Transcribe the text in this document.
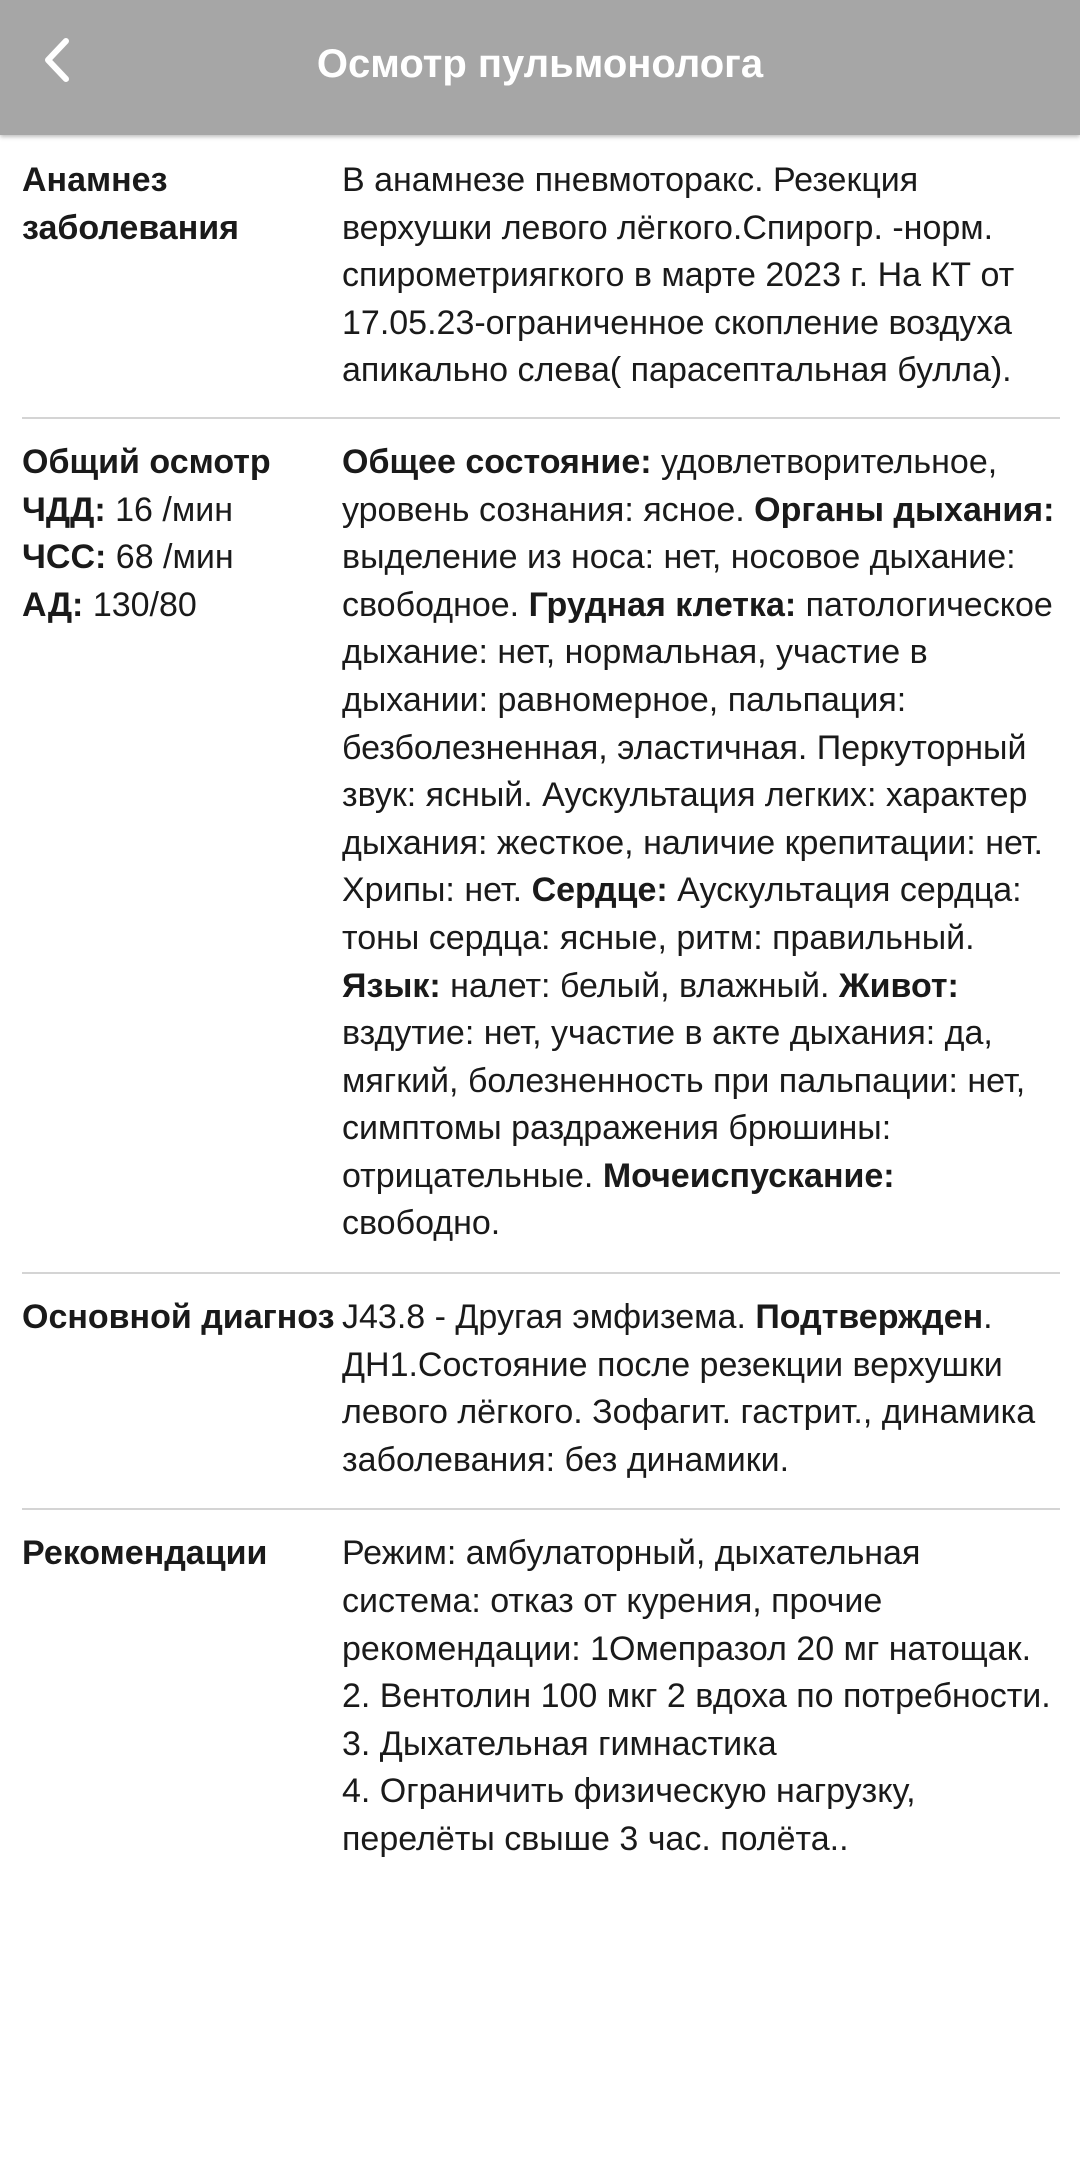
Осмотр пульмонолога
Анамнез заболевания
В анамнезе пневмоторакс. Резекция верхушки левого лёгкого.Спирогр. -норм. спирометриягкого в марте 2023 г. На КТ от 17.05.23-ограниченное скопление воздуха апикально слева( парасептальная булла).
Общий осмотр
ЧДД: 16 /мин
ЧСС: 68 /мин
АД: 130/80
Общее состояние: удовлетворительное, уровень сознания: ясное. Органы дыхания: выделение из носа: нет, носовое дыхание: свободное. Грудная клетка: патологическое дыхание: нет, нормальная, участие в дыхании: равномерное, пальпация: безболезненная, эластичная. Перкуторный звук: ясный. Аускультация легких: характер дыхания: жесткое, наличие крепитации: нет. Хрипы: нет. Сердце: Аускультация сердца: тоны сердца: ясные, ритм: правильный. Язык: налет: белый, влажный. Живот: вздутие: нет, участие в акте дыхания: да, мягкий, болезненность при пальпации: нет, симптомы раздражения брюшины: отрицательные. Мочеиспускание: свободно.
Основной диагноз J43.8 - Другая эмфизема. Подтвержден. ДН1.Состояние после резекции верхушки левого лёгкого. Зофагит. гастрит., динамика заболевания: без динамики.
Рекомендации	Режим: амбулаторный, дыхательная система: отказ от курения, прочие рекомендации: 1Омепразол 20 мг натощак.
2. Вентолин 100 мкг 2 вдоха по потребности.
3. Дыхательная гимнастика
4. Ограничить физическую нагрузку, перелёты свыше 3 час. полёта..
